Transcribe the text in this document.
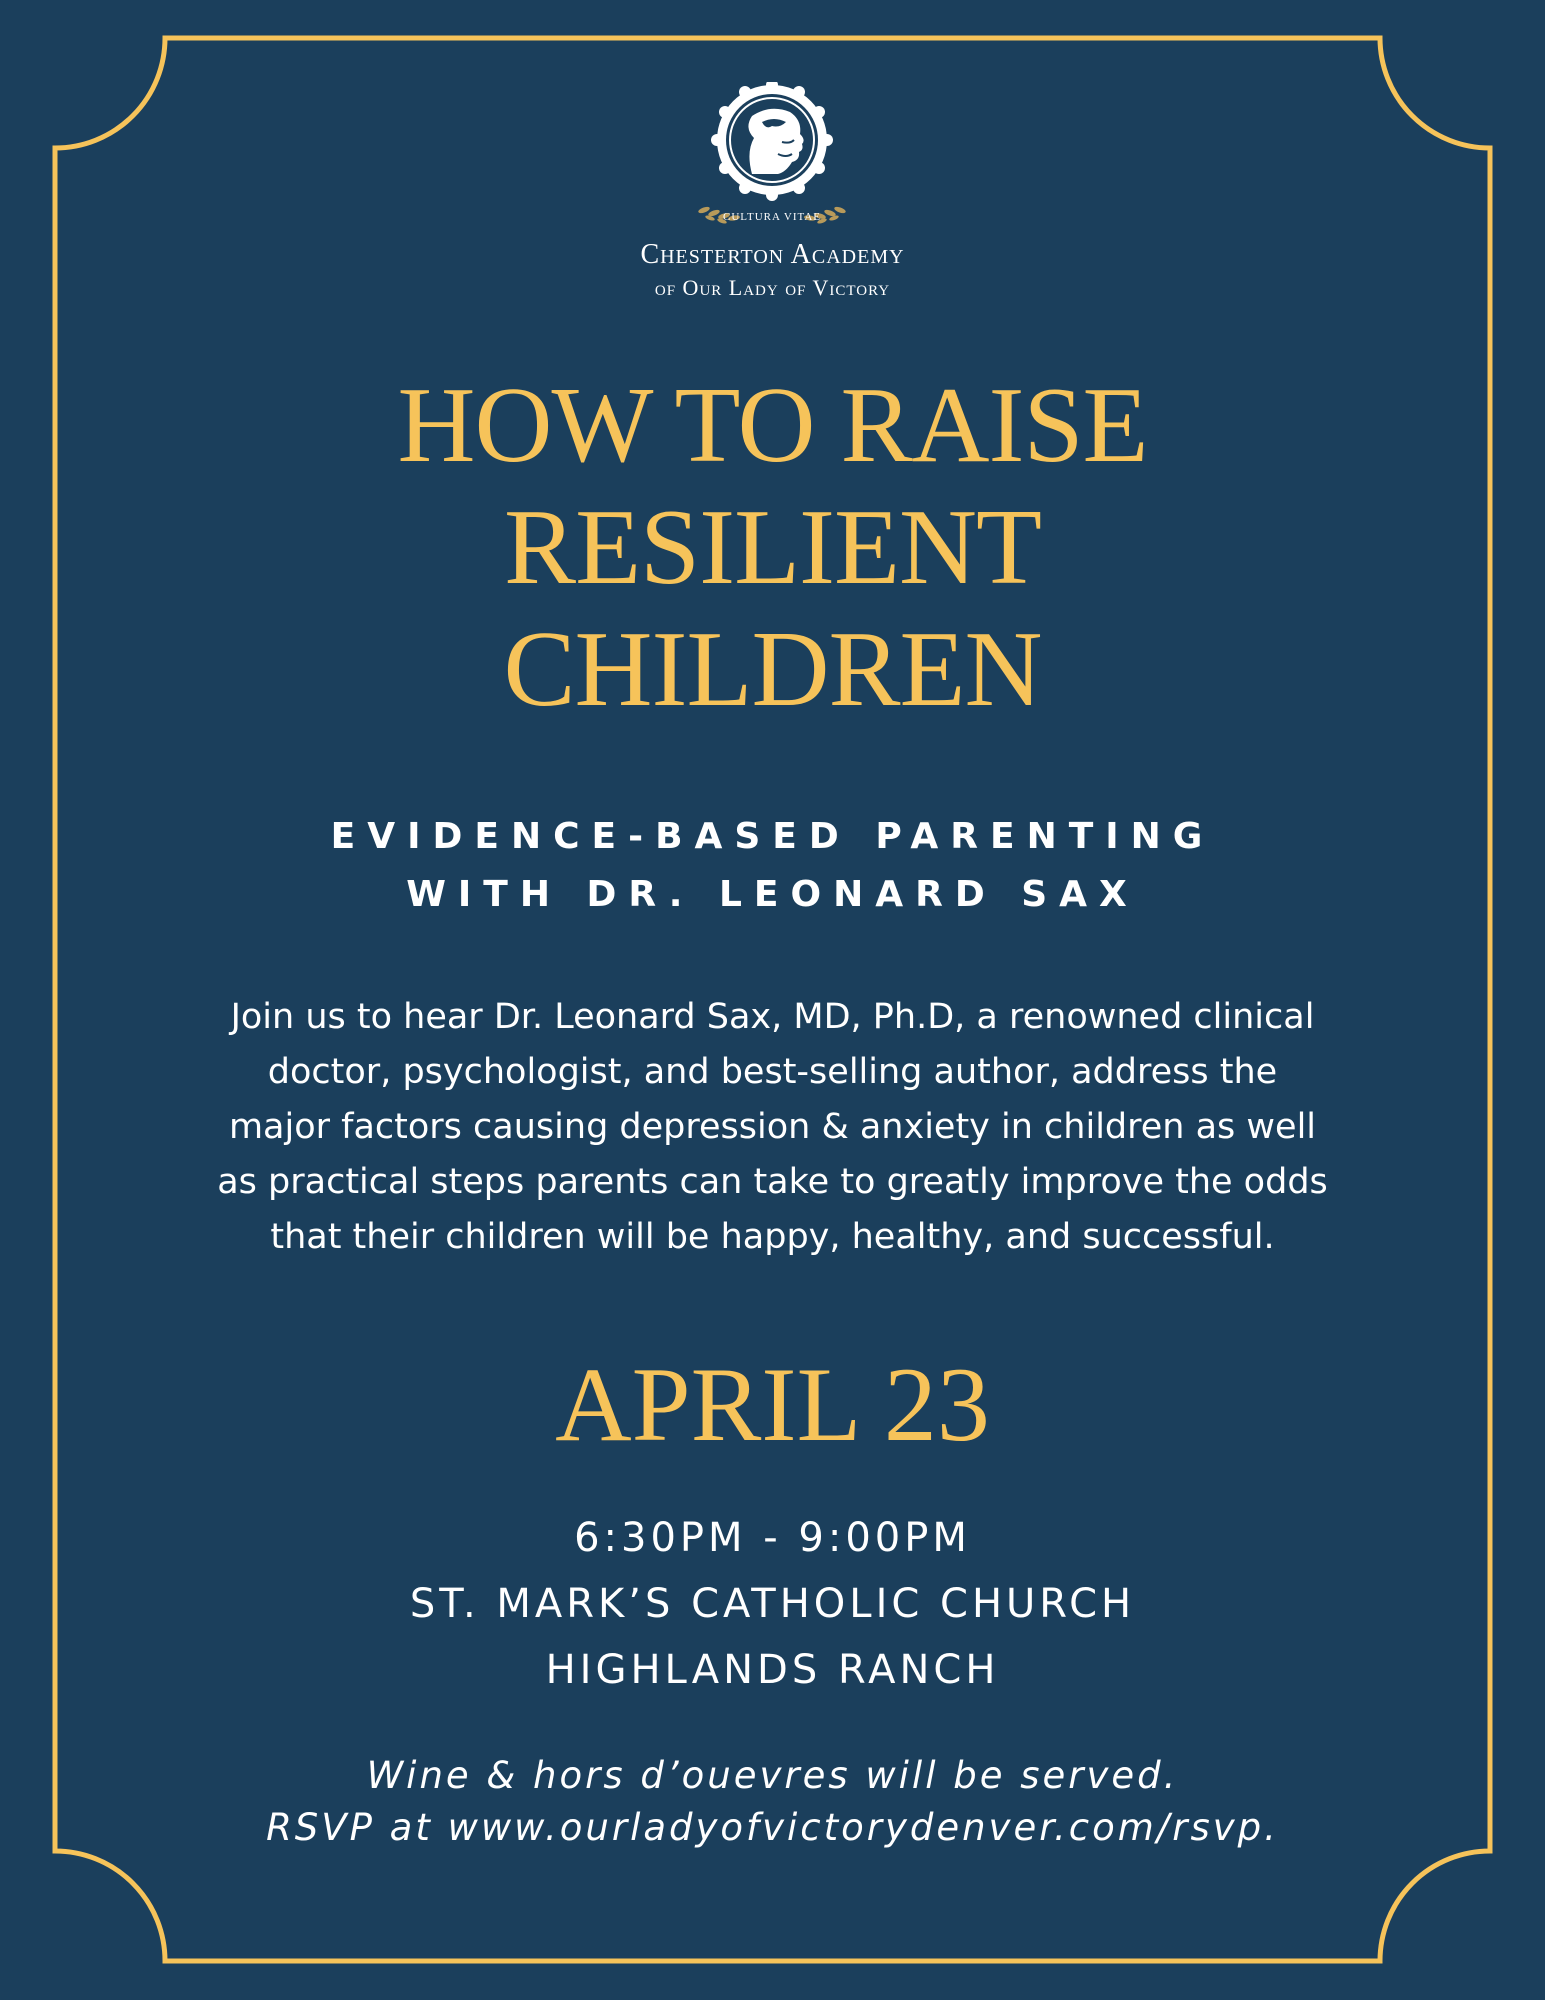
CULTURA VITAE
Chesterton Academy
of Our Lady of Victory
HOW TO RAISE
RESILIENT
CHILDREN
EVIDENCE-BASED PARENTING
WITH DR. LEONARD SAX
Join us to hear Dr. Leonard Sax, MD, Ph.D, a renowned clinical
doctor, psychologist, and best-selling author, address the
major factors causing depression & anxiety in children as well
as practical steps parents can take to greatly improve the odds
that their children will be happy, healthy, and successful.
APRIL 23
6:30PM - 9:00PM
ST. MARK’S CATHOLIC CHURCH
HIGHLANDS RANCH
Wine & hors d’ouevres will be served.
RSVP at www.ourladyofvictorydenver.com/rsvp.
